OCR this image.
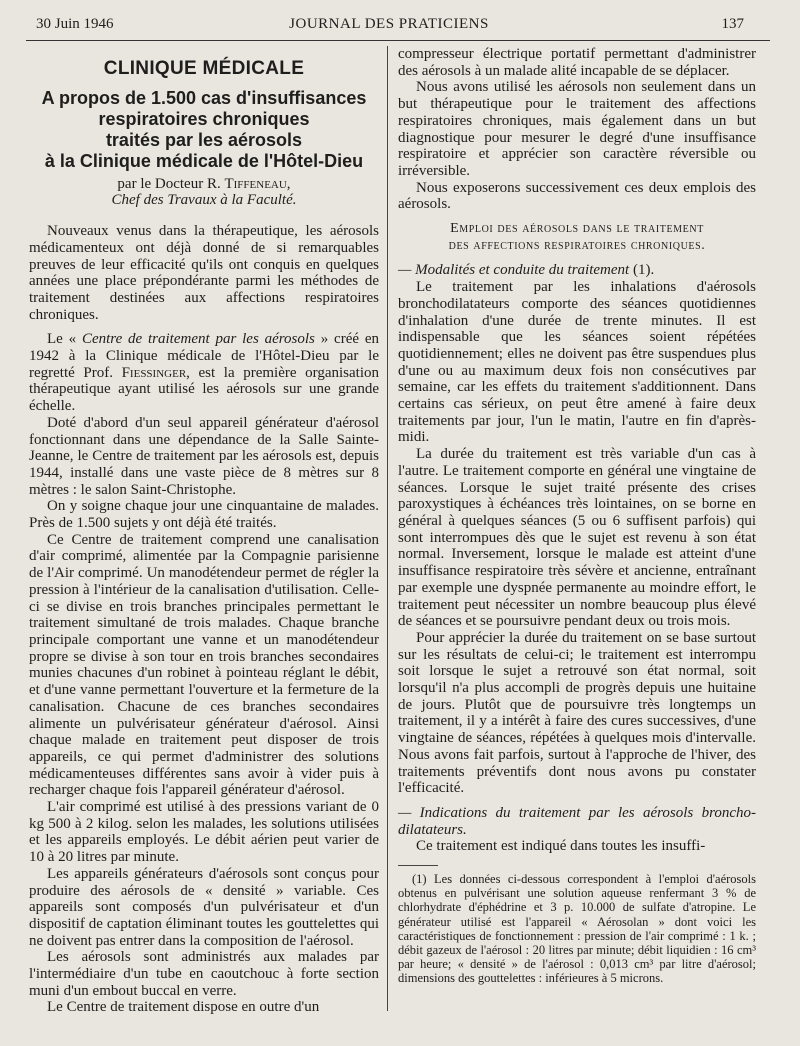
30 Juin 1946	JOURNAL DES PRATICIENS	137
CLINIQUE MÉDICALE
A propos de 1.500 cas d'insuffisances
respiratoires chroniques
traités par les aérosols
à la Clinique médicale de l'Hôtel-Dieu
par le Docteur R. Tiffeneau,
Chef des Travaux à la Faculté.

Nouveaux venus dans la thérapeutique, les aérosols médicamenteux ont déjà donné de si remarquables preuves de leur efficacité qu'ils ont conquis en quelques années une place prépondérante parmi les méthodes de traitement destinées aux affections respiratoires chroniques.

Le « Centre de traitement par les aérosols » créé en 1942 à la Clinique médicale de l'Hôtel-Dieu par le regretté Prof. Fiessinger, est la première organisation thérapeutique ayant utilisé les aérosols sur une grande échelle.

Doté d'abord d'un seul appareil générateur d'aérosol fonctionnant dans une dépendance de la Salle Sainte-Jeanne, le Centre de traitement par les aérosols est, depuis 1944, installé dans une vaste pièce de 8 mètres sur 8 mètres : le salon Saint-Christophe.

On y soigne chaque jour une cinquantaine de malades. Près de 1.500 sujets y ont déjà été traités.

Ce Centre de traitement comprend une canalisation d'air comprimé, alimentée par la Compagnie parisienne de l'Air comprimé. Un manodétendeur permet de régler la pression à l'intérieur de la canalisation d'utilisation. Celle-ci se divise en trois branches principales permettant le traitement simultané de trois malades. Chaque branche principale comportant une vanne et un manodétendeur propre se divise à son tour en trois branches secondaires munies chacunes d'un robinet à pointeau réglant le débit, et d'une vanne permettant l'ouverture et la fermeture de la canalisation. Chacune de ces branches secondaires alimente un pulvérisateur générateur d'aérosol. Ainsi chaque malade en traitement peut disposer de trois appareils, ce qui permet d'administrer des solutions médicamenteuses différentes sans avoir à vider puis à recharger chaque fois l'appareil générateur d'aérosol.

L'air comprimé est utilisé à des pressions variant de 0 kg 500 à 2 kilog. selon les malades, les solutions utilisées et les appareils employés. Le débit aérien peut varier de 10 à 20 litres par minute.

Les appareils générateurs d'aérosols sont conçus pour produire des aérosols de « densité » variable. Ces appareils sont composés d'un pulvérisateur et d'un dispositif de captation éliminant toutes les gouttelettes qui ne doivent pas entrer dans la composition de l'aérosol.

Les aérosols sont administrés aux malades par l'intermédiaire d'un tube en caoutchouc à forte section muni d'un embout buccal en verre.

Le Centre de traitement dispose en outre d'un

compresseur électrique portatif permettant d'administrer des aérosols à un malade alité incapable de se déplacer.

Nous avons utilisé les aérosols non seulement dans un but thérapeutique pour le traitement des affections respiratoires chroniques, mais également dans un but diagnostique pour mesurer le degré d'une insuffisance respiratoire et apprécier son caractère réversible ou irréversible.

Nous exposerons successivement ces deux emplois des aérosols.

Emploi des aérosols dans le traitement
des affections respiratoires chroniques.

— Modalités et conduite du traitement (1).

Le traitement par les inhalations d'aérosols bronchodilatateurs comporte des séances quotidiennes d'inhalation d'une durée de trente minutes. Il est indispensable que les séances soient répétées quotidiennement; elles ne doivent pas être suspendues plus d'une ou au maximum deux fois non consécutives par semaine, car les effets du traitement s'additionnent. Dans certains cas sérieux, on peut être amené à faire deux traitements par jour, l'un le matin, l'autre en fin d'après-midi.

La durée du traitement est très variable d'un cas à l'autre. Le traitement comporte en général une vingtaine de séances. Lorsque le sujet traité présente des crises paroxystiques à échéances très lointaines, on se borne en général à quelques séances (5 ou 6 suffisent parfois) qui sont interrompues dès que le sujet est revenu à son état normal. Inversement, lorsque le malade est atteint d'une insuffisance respiratoire très sévère et ancienne, entraînant par exemple une dyspnée permanente au moindre effort, le traitement peut nécessiter un nombre beaucoup plus élevé de séances et se poursuivre pendant deux ou trois mois.

Pour apprécier la durée du traitement on se base surtout sur les résultats de celui-ci; le traitement est interrompu soit lorsque le sujet a retrouvé son état normal, soit lorsqu'il n'a plus accompli de progrès depuis une huitaine de jours. Plutôt que de poursuivre très longtemps un traitement, il y a intérêt à faire des cures successives, d'une vingtaine de séances, répétées à quelques mois d'intervalle. Nous avons fait parfois, surtout à l'approche de l'hiver, des traitements préventifs dont nous avons pu constater l'efficacité.

— Indications du traitement par les aérosols broncho-dilatateurs.

Ce traitement est indiqué dans toutes les insuffi-

(1) Les données ci-dessous correspondent à l'emploi d'aérosols obtenus en pulvérisant une solution aqueuse renfermant 3 % de chlorhydrate d'éphédrine et 3 p. 10.000 de sulfate d'atropine. Le générateur utilisé est l'appareil « Aérosolan » dont voici les caractéristiques de fonctionnement : pression de l'air comprimé : 1 k. ; débit gazeux de l'aérosol : 20 litres par minute; débit liquidien : 16 cm³ par heure; « densité » de l'aérosol : 0,013 cm³ par litre d'aérosol; dimensions des gouttelettes : inférieures à 5 microns.
